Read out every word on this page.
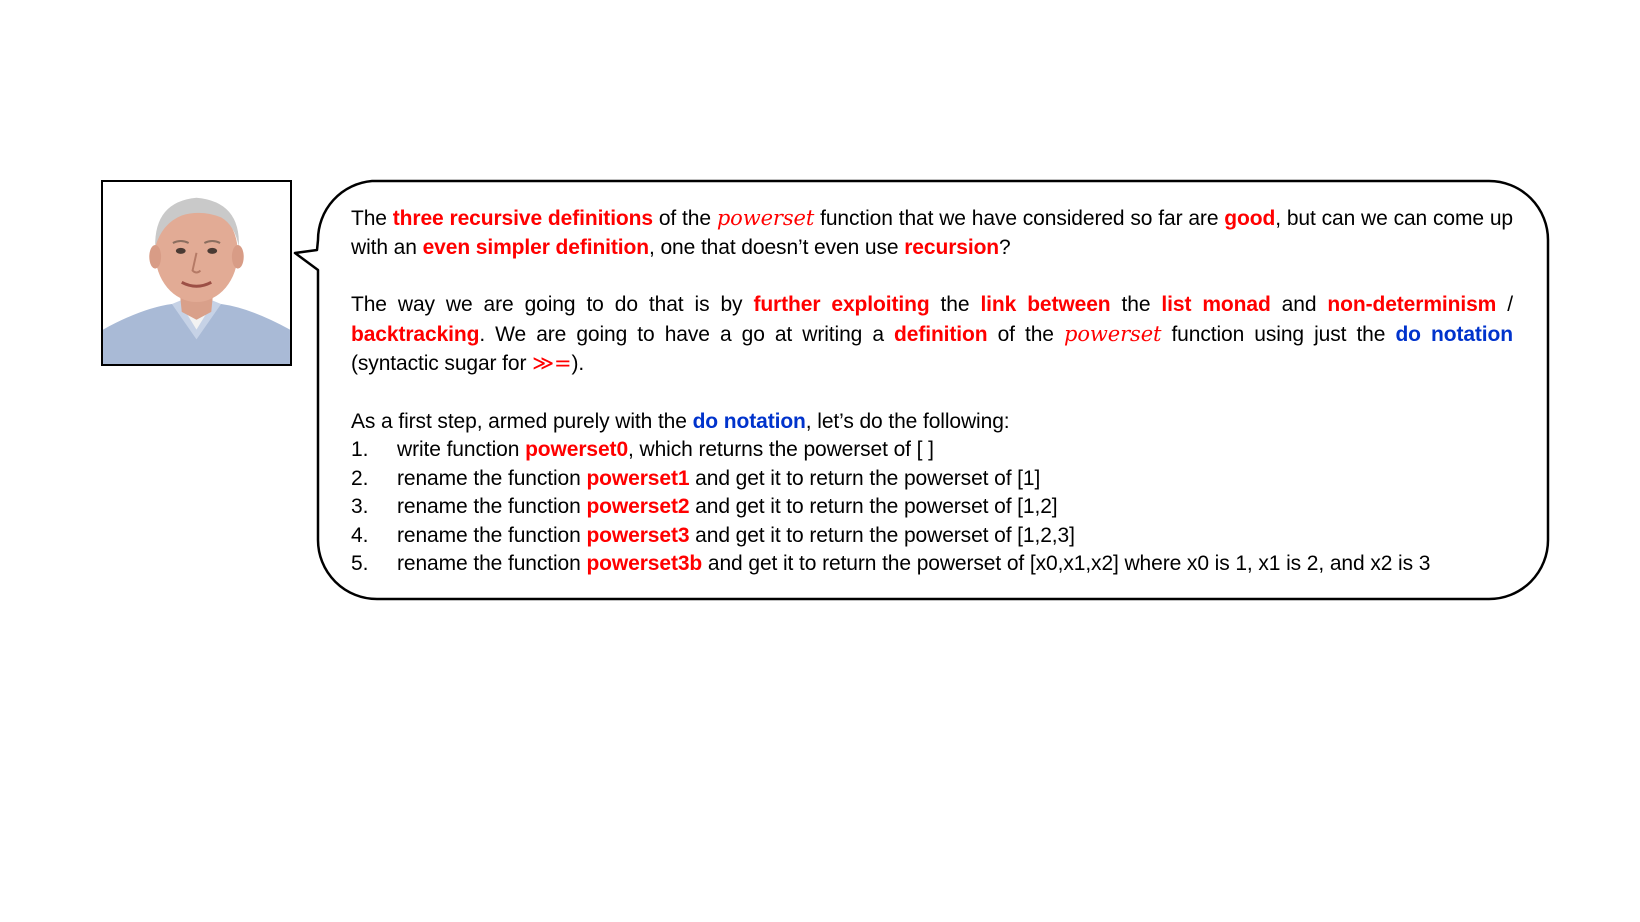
The three recursive definitions of the powerset function that we have considered so far are good, but can we can come up with an even simpler definition, one that doesn’t even use recursion?

The way we are going to do that is by further exploiting the link between the list monad and non-determinism / backtracking. We are going to have a go at writing a definition of the powerset function using just the do notation (syntactic sugar for ≫=).

As a first step, armed purely with the do notation, let’s do the following:
1.	write function powerset0, which returns the powerset of [ ]
2.	rename the function powerset1 and get it to return the powerset of [1]
3.	rename the function powerset2 and get it to return the powerset of [1,2]
4.	rename the function powerset3 and get it to return the powerset of [1,2,3]
5.	rename the function powerset3b and get it to return the powerset of [x0,x1,x2] where x0 is 1, x1 is 2, and x2 is 3
